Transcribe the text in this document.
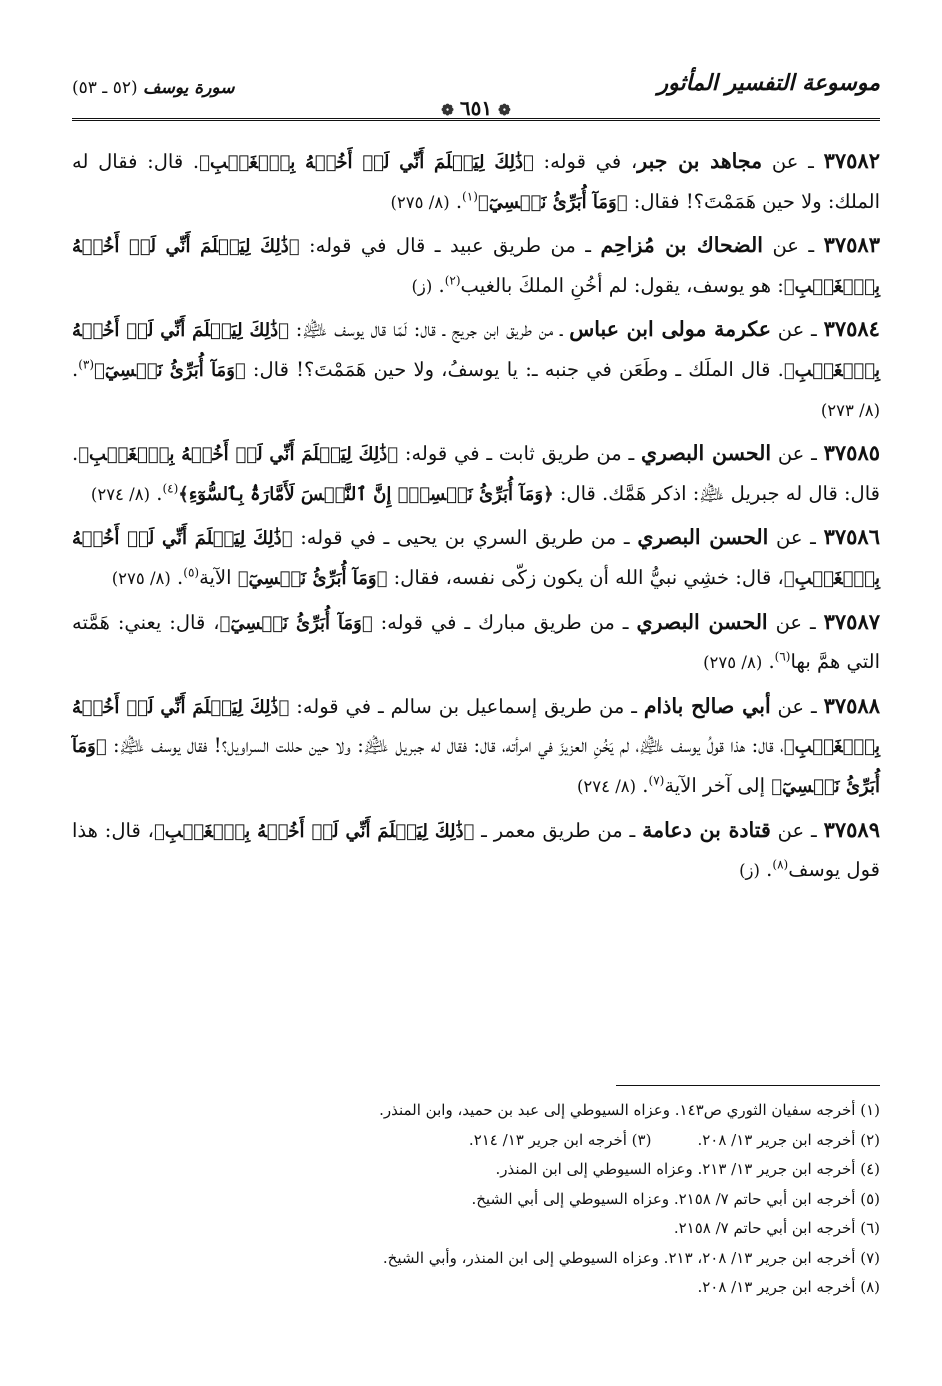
موسوعة التفسير المأثور
❁٦٥١❁
سورة يوسف (٥٢ ـ ٥٣)

٣٧٥٨٢ ـ عن مجاهد بن جبر، في قوله: ﴿ذَٰلِكَ لِيَعۡلَمَ أَنِّي لَمۡ أَخُنۡهُ بِٱلۡغَيۡبِ﴾. قال: فقال له الملك: ولا حين هَمَمْتَ؟! فقال: ﴿وَمَآ أُبَرِّئُ نَفۡسِيٓ﴾$^{(١)}$. (٨/ ٢٧٥)

٣٧٥٨٣ ـ عن الضحاك بن مُزاحِم ـ من طريق عبيد ـ قال في قوله: ﴿ذَٰلِكَ لِيَعۡلَمَ أَنِّي لَمۡ أَخُنۡهُ بِٱلۡغَيۡبِ﴾: هو يوسف، يقول: لم أخُنِ الملكَ بالغيب$^{(٢)}$. (ز)

٣٧٥٨٤ ـ عن عكرمة مولى ابن عباس ـ من طريق ابن جريج ـ قال: لَمّا قال يوسف ﵇: ﴿ذَٰلِكَ لِيَعۡلَمَ أَنِّي لَمۡ أَخُنۡهُ بِٱلۡغَيۡبِ﴾. قال الملَك ـ وطَعَن في جنبه ـ: يا يوسفُ، ولا حين هَمَمْتَ؟! قال: ﴿وَمَآ أُبَرِّئُ نَفۡسِيٓ﴾$^{(٣)}$. (٨/ ٢٧٣)

٣٧٥٨٥ ـ عن الحسن البصري ـ من طريق ثابت ـ في قوله: ﴿ذَٰلِكَ لِيَعۡلَمَ أَنِّي لَمۡ أَخُنۡهُ بِٱلۡغَيۡبِ﴾. قال: قال له جبريل ﵇: اذكر هَمَّك. قال: ﴿وَمَآ أُبَرِّئُ نَفۡسِيٓۚ إِنَّ ٱلنَّفۡسَ لَأَمَّارَةُۢ بِٱلسُّوٓءِ﴾$^{(٤)}$. (٨/ ٢٧٤)

٣٧٥٨٦ ـ عن الحسن البصري ـ من طريق السري بن يحيى ـ في قوله: ﴿ذَٰلِكَ لِيَعۡلَمَ أَنِّي لَمۡ أَخُنۡهُ بِٱلۡغَيۡبِ﴾، قال: خشِي نبيُّ الله أن يكون زكّى نفسه، فقال: ﴿وَمَآ أُبَرِّئُ نَفۡسِيٓ﴾ الآية$^{(٥)}$. (٨/ ٢٧٥)

٣٧٥٨٧ ـ عن الحسن البصري ـ من طريق مبارك ـ في قوله: ﴿وَمَآ أُبَرِّئُ نَفۡسِيٓ﴾، قال: يعني: هَمَّته التي همَّ بها$^{(٦)}$. (٨/ ٢٧٥)

٣٧٥٨٨ ـ عن أبي صالح باذام ـ من طريق إسماعيل بن سالم ـ في قوله: ﴿ذَٰلِكَ لِيَعۡلَمَ أَنِّي لَمۡ أَخُنۡهُ بِٱلۡغَيۡبِ﴾، قال: هذا قولُ يوسف ﵇، لم يَخُنِ العزيزَ في امرأته، قال: فقال له جبريل ﵇: ولا حين حللت السراويل؟! فقال يوسف ﵇: ﴿وَمَآ أُبَرِّئُ نَفۡسِيٓ﴾ إلى آخر الآية$^{(٧)}$. (٨/ ٢٧٤)

٣٧٥٨٩ ـ عن قتادة بن دعامة ـ من طريق معمر ـ ﴿ذَٰلِكَ لِيَعۡلَمَ أَنِّي لَمۡ أَخُنۡهُ بِٱلۡغَيۡبِ﴾، قال: هذا قول يوسف$^{(٨)}$. (ز)

(١) أخرجه سفيان الثوري ص١٤٣. وعزاه السيوطي إلى عبد بن حميد، وابن المنذر.
(٢) أخرجه ابن جرير ١٣/ ٢٠٨.(٣) أخرجه ابن جرير ١٣/ ٢١٤.
(٤) أخرجه ابن جرير ١٣/ ٢١٣. وعزاه السيوطي إلى ابن المنذر.
(٥) أخرجه ابن أبي حاتم ٧/ ٢١٥٨. وعزاه السيوطي إلى أبي الشيخ.
(٦) أخرجه ابن أبي حاتم ٧/ ٢١٥٨.
(٧) أخرجه ابن جرير ١٣/ ٢٠٨، ٢١٣. وعزاه السيوطي إلى ابن المنذر، وأبي الشيخ.
(٨) أخرجه ابن جرير ١٣/ ٢٠٨.
